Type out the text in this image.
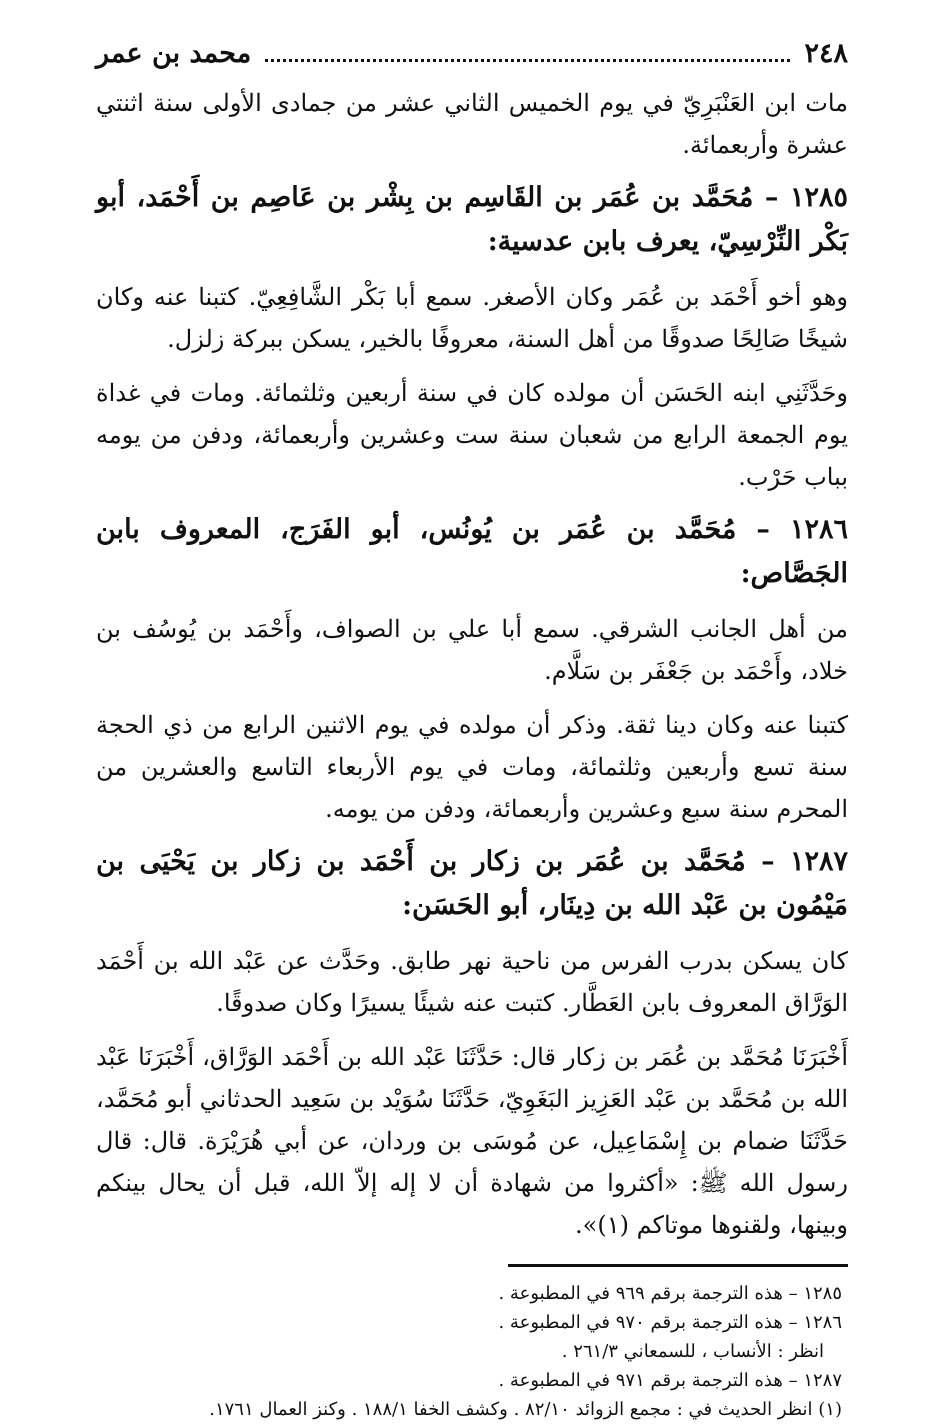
٢٤٨
محمد بن عمر

مات ابن العَنْبَرِيّ في يوم الخميس الثاني عشر من جمادى الأولى سنة اثنتي عشرة وأربعمائة.

١٢٨٥ – مُحَمَّد بن عُمَر بن القَاسِم بن بِشْر بن عَاصِم بن أَحْمَد، أبو بَكْر النِّرْسِيّ، يعرف بابن عدسية:

وهو أخو أَحْمَد بن عُمَر وكان الأصغر. سمع أبا بَكْر الشَّافِعِيّ. كتبنا عنه وكان شيخًا صَالِحًا صدوقًا من أهل السنة، معروفًا بالخير، يسكن ببركة زلزل.

وحَدَّثَنِي ابنه الحَسَن أن مولده كان في سنة أربعين وثلثمائة. ومات في غداة يوم الجمعة الرابع من شعبان سنة ست وعشرين وأربعمائة، ودفن من يومه بباب حَرْب.

١٢٨٦ – مُحَمَّد بن عُمَر بن يُونُس، أبو الفَرَج، المعروف بابن الجَصَّاص:

من أهل الجانب الشرقي. سمع أبا علي بن الصواف، وأَحْمَد بن يُوسُف بن خلاد، وأَحْمَد بن جَعْفَر بن سَلَّام.

كتبنا عنه وكان دينا ثقة. وذكر أن مولده في يوم الاثنين الرابع من ذي الحجة سنة تسع وأربعين وثلثمائة، ومات في يوم الأربعاء التاسع والعشرين من المحرم سنة سبع وعشرين وأربعمائة، ودفن من يومه.

١٢٨٧ – مُحَمَّد بن عُمَر بن زكار بن أَحْمَد بن زكار بن يَحْيَى بن مَيْمُون بن عَبْد الله بن دِينَار، أبو الحَسَن:

كان يسكن بدرب الفرس من ناحية نهر طابق. وحَدَّث عن عَبْد الله بن أَحْمَد الوَرَّاق المعروف بابن العَطَّار. كتبت عنه شيئًا يسيرًا وكان صدوقًا.

أَخْبَرَنَا مُحَمَّد بن عُمَر بن زكار قال: حَدَّثَنَا عَبْد الله بن أَحْمَد الوَرَّاق، أَخْبَرَنَا عَبْد الله بن مُحَمَّد بن عَبْد العَزِيز البَغَوِيّ، حَدَّثَنَا سُوَيْد بن سَعِيد الحدثاني أبو مُحَمَّد، حَدَّثَنَا ضمام بن إِسْمَاعِيل، عن مُوسَى بن وردان، عن أبي هُرَيْرَة. قال: قال رسول الله ﷺ: «أكثروا من شهادة أن لا إله إلاّ الله، قبل أن يحال بينكم وبينها، ولقنوها موتاكم (١)».

١٢٨٥ – هذه الترجمة برقم ٩٦٩ في المطبوعة .

١٢٨٦ – هذه الترجمة برقم ٩٧٠ في المطبوعة .

انظر : الأنساب ، للسمعاني ٢٦١/٣ .

١٢٨٧ – هذه الترجمة برقم ٩٧١ في المطبوعة .

(١) انظر الحديث في : مجمع الزوائد ٨٢/١٠ . وكشف الخفا ١٨٨/١ . وكنز العمال ١٧٦١.
